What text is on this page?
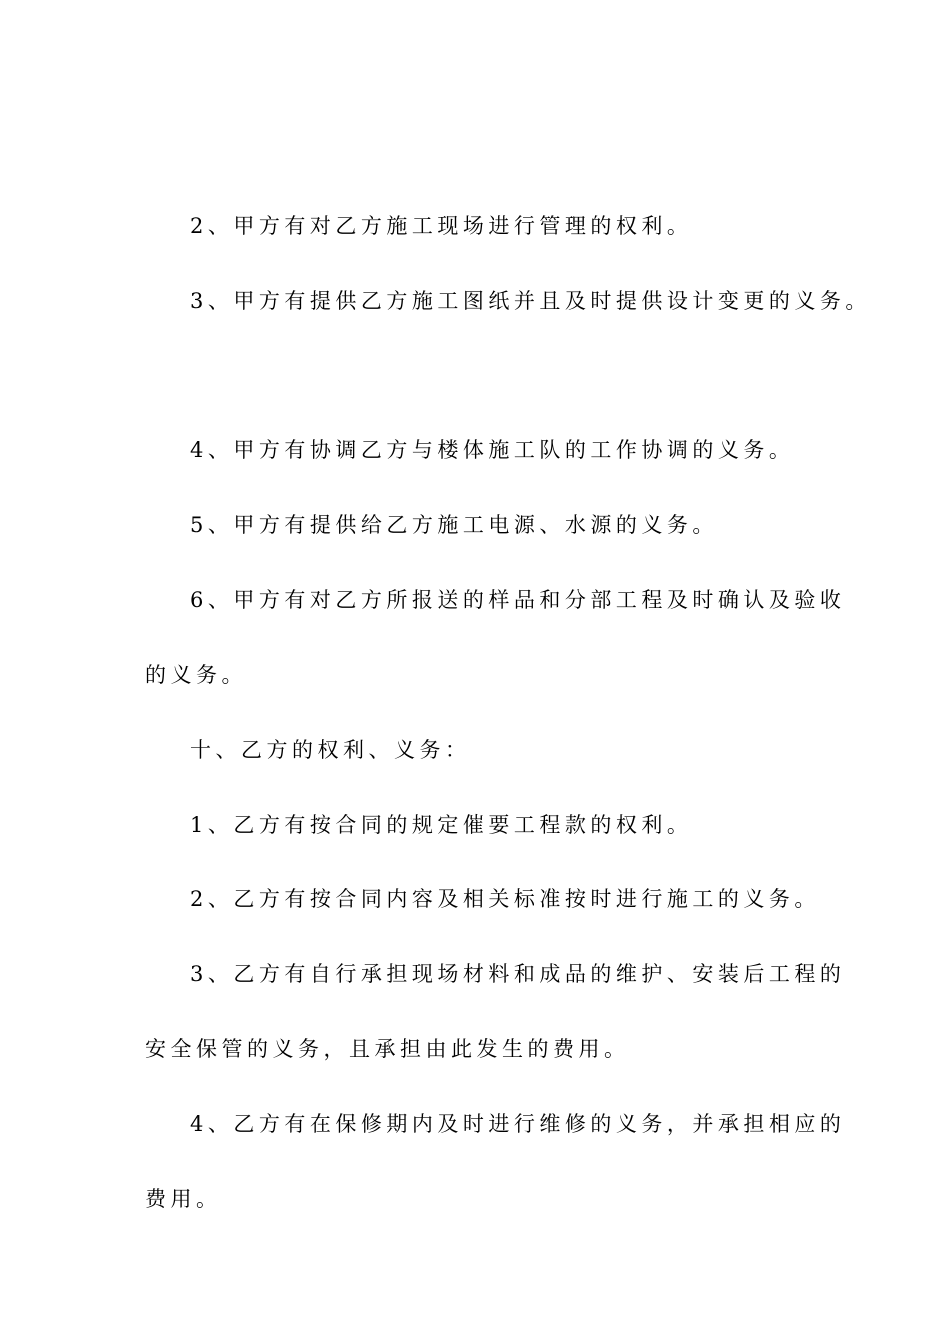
2、甲方有对乙方施工现场进行管理的权利。
3、甲方有提供乙方施工图纸并且及时提供设计变更的义务。
4、甲方有协调乙方与楼体施工队的工作协调的义务。
5、甲方有提供给乙方施工电源、水源的义务。
6、甲方有对乙方所报送的样品和分部工程及时确认及验收
的义务。
十、乙方的权利、义务：
1、乙方有按合同的规定催要工程款的权利。
2、乙方有按合同内容及相关标准按时进行施工的义务。
3、乙方有自行承担现场材料和成品的维护、安装后工程的
安全保管的义务，且承担由此发生的费用。
4、乙方有在保修期内及时进行维修的义务，并承担相应的
费用。
